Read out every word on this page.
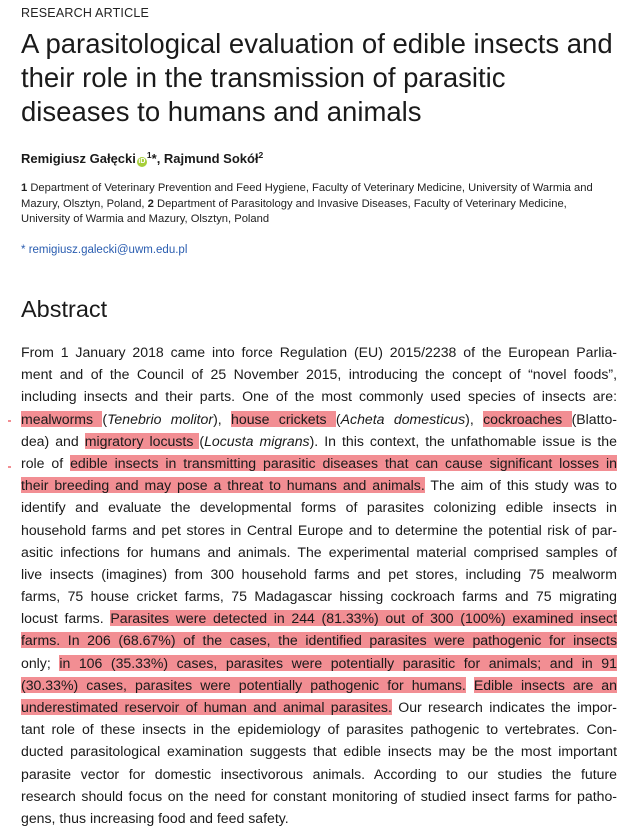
RESEARCH ARTICLE
A parasitological evaluation of edible insects and their role in the transmission of parasitic diseases to humans and animals
Remigiusz Gałęcki $iD^1*$, Rajmund Sokół$^2$
1 Department of Veterinary Prevention and Feed Hygiene, Faculty of Veterinary Medicine, University of Warmia and Mazury, Olsztyn, Poland, 2 Department of Parasitology and Invasive Diseases, Faculty of Veterinary Medicine, University of Warmia and Mazury, Olsztyn, Poland
* remigiusz.galecki@uwm.edu.pl
Abstract
From 1 January 2018 came into force Regulation (EU) 2015/2238 of the European Parlia-
ment and of the Council of 25 November 2015, introducing the concept of “novel foods”,
including insects and their parts. One of the most commonly used species of insects are:
mealworms (Tenebrio molitor), house crickets (Acheta domesticus), cockroaches (Blatto-
dea) and migratory locusts (Locusta migrans). In this context, the unfathomable issue is the
role of edible insects in transmitting parasitic diseases that can cause significant losses in
their breeding and may pose a threat to humans and animals. The aim of this study was to
identify and evaluate the developmental forms of parasites colonizing edible insects in
household farms and pet stores in Central Europe and to determine the potential risk of par-
asitic infections for humans and animals. The experimental material comprised samples of
live insects (imagines) from 300 household farms and pet stores, including 75 mealworm
farms, 75 house cricket farms, 75 Madagascar hissing cockroach farms and 75 migrating
locust farms. Parasites were detected in 244 (81.33%) out of 300 (100%) examined insect
farms. In 206 (68.67%) of the cases, the identified parasites were pathogenic for insects
only; in 106 (35.33%) cases, parasites were potentially parasitic for animals; and in 91
(30.33%) cases, parasites were potentially pathogenic for humans. Edible insects are an
underestimated reservoir of human and animal parasites. Our research indicates the impor-
tant role of these insects in the epidemiology of parasites pathogenic to vertebrates. Con-
ducted parasitological examination suggests that edible insects may be the most important
parasite vector for domestic insectivorous animals. According to our studies the future
research should focus on the need for constant monitoring of studied insect farms for patho-
gens, thus increasing food and feed safety.
